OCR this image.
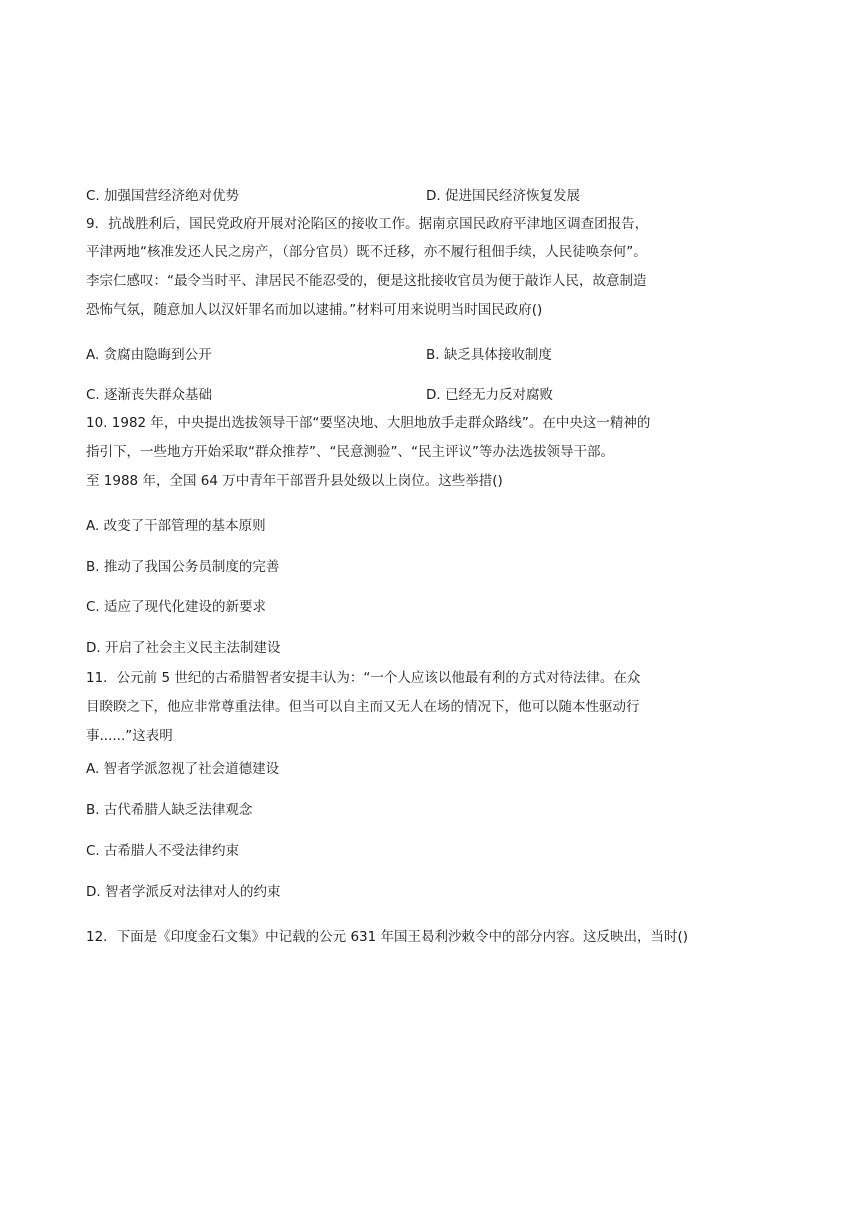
C. 加强国营经济绝对优势	D. 促进国民经济恢复发展
9．抗战胜利后，国民党政府开展对沦陷区的接收工作。据南京国民政府平津地区调查团报告，
平津两地“核准发还人民之房产，（部分官员）既不迁移，亦不履行租佃手续，人民徒唤奈何”。
李宗仁感叹：“最令当时平、津居民不能忍受的，便是这批接收官员为便于敲诈人民，故意制造
恐怖气氛，随意加人以汉奸罪名而加以逮捕。”材料可用来说明当时国民政府()
A. 贪腐由隐晦到公开	B. 缺乏具体接收制度
C. 逐渐丧失群众基础	D. 已经无力反对腐败
10. 1982 年，中央提出选拔领导干部“要坚决地、大胆地放手走群众路线”。在中央这一精神的
指引下，一些地方开始采取“群众推荐”、“民意测验”、“民主评议”等办法选拔领导干部。
至 1988 年，全国 64 万中青年干部晋升县处级以上岗位。这些举措()
A. 改变了干部管理的基本原则
B. 推动了我国公务员制度的完善
C. 适应了现代化建设的新要求
D. 开启了社会主义民主法制建设
11．公元前 5 世纪的古希腊智者安提丰认为：“一个人应该以他最有利的方式对待法律。在众
目睽睽之下，他应非常尊重法律。但当可以自主而又无人在场的情况下，他可以随本性驱动行
事......”这表明
A. 智者学派忽视了社会道德建设
B. 古代希腊人缺乏法律观念
C. 古希腊人不受法律约束
D. 智者学派反对法律对人的约束
12．下面是《印度金石文集》中记载的公元 631 年国王曷利沙敕令中的部分内容。这反映出，当时()
